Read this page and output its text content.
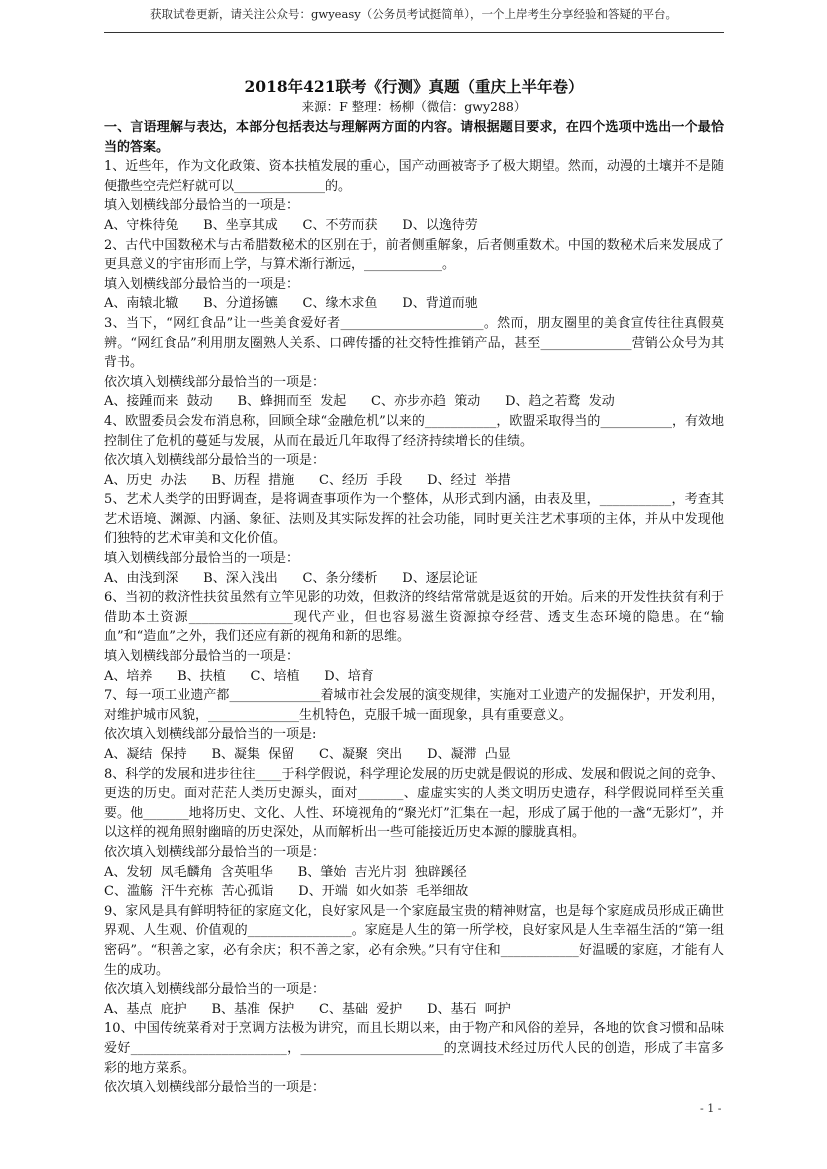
获取试卷更新，请关注公众号：gwyeasy（公务员考试挺简单），一个上岸考生分享经验和答疑的平台。

2018年421联考《行测》真题（重庆上半年卷）

来源：F 整理：杨柳（微信：gwy288）

一、言语理解与表达，本部分包括表达与理解两方面的内容。请根据题目要求，在四个选项中选出一个最恰当的答案。

1、近些年，作为文化政策、资本扶植发展的重心，国产动画被寄予了极大期望。然而，动漫的土壤并不是随便撒些空壳烂籽就可以______________的。

填入划横线部分最恰当的一项是：

A、守株待兔      B、坐享其成      C、不劳而获      D、以逸待劳

2、古代中国数秘术与古希腊数秘术的区别在于，前者侧重解象，后者侧重数术。中国的数秘术后来发展成了更具意义的宇宙形而上学，与算术渐行渐远，____________。

填入划横线部分最恰当的一项是：

A、南辕北辙      B、分道扬镳      C、缘木求鱼      D、背道而驰

3、当下，“网红食品”让一些美食爱好者______________________。然而，朋友圈里的美食宣传往往真假莫辨。“网红食品”利用朋友圈熟人关系、口碑传播的社交特性推销产品，甚至______________营销公众号为其背书。

依次填入划横线部分最恰当的一项是：

A、接踵而来  鼓动      B、蜂拥而至  发起      C、亦步亦趋  策动      D、趋之若鹜  发动

4、欧盟委员会发布消息称，回顾全球“金融危机”以来的___________，欧盟采取得当的___________，有效地控制住了危机的蔓延与发展，从而在最近几年取得了经济持续增长的佳绩。

依次填入划横线部分最恰当的一项是：

A、历史  办法      B、历程  措施      C、经历  手段      D、经过  举措

5、艺术人类学的田野调查，是将调查事项作为一个整体，从形式到内涵，由表及里，___________，考查其艺术语境、渊源、内涵、象征、法则及其实际发挥的社会功能，同时更关注艺术事项的主体，并从中发现他们独特的艺术审美和文化价值。

填入划横线部分最恰当的一项是：

A、由浅到深      B、深入浅出      C、条分缕析      D、逐层论证

6、当初的救济性扶贫虽然有立竿见影的功效，但救济的终结常常就是返贫的开始。后来的开发性扶贫有利于借助本土资源________________现代产业，但也容易滋生资源掠夺经营、透支生态环境的隐患。在“输血”和“造血”之外，我们还应有新的视角和新的思维。

填入划横线部分最恰当的一项是：

A、培养      B、扶植      C、培植      D、培育

7、每一项工业遗产都______________着城市社会发展的演变规律，实施对工业遗产的发掘保护，开发利用，对维护城市风貌，______________生机特色，克服千城一面现象，具有重要意义。

依次填入划横线部分最恰当的一项是:

A、凝结  保持      B、凝集  保留      C、凝聚  突出      D、凝滞  凸显

8、科学的发展和进步往往____于科学假说，科学理论发展的历史就是假说的形成、发展和假说之间的竞争、更迭的历史。面对茫茫人类历史源头，面对_______、虚虚实实的人类文明历史遗存，科学假说同样至关重要。他_______地将历史、文化、人性、环境视角的“聚光灯”汇集在一起，形成了属于他的一盏“无影灯”，并以这样的视角照射幽暗的历史深处，从而解析出一些可能接近历史本源的朦胧真相。

依次填入划横线部分最恰当的一项是：

A、发轫  凤毛麟角  含英咀华      B、肇始  吉光片羽  独辟蹊径

C、滥觞  汗牛充栋  苦心孤诣      D、开端  如火如荼  毛举细故

9、家风是具有鲜明特征的家庭文化，良好家风是一个家庭最宝贵的精神财富，也是每个家庭成员形成正确世界观、人生观、价值观的________________。家庭是人生的第一所学校，良好家风是人生幸福生活的“第一组密码”。“积善之家，必有余庆；积不善之家，必有余殃。”只有守住和____________好温暖的家庭，才能有人生的成功。

依次填入划横线部分最恰当的一项是：

A、基点  庇护      B、基准  保护      C、基础  爱护      D、基石  呵护

10、中国传统菜肴对于烹调方法极为讲究，而且长期以来，由于物产和风俗的差异，各地的饮食习惯和品味爱好________________________，______________________的烹调技术经过历代人民的创造，形成了丰富多彩的地方菜系。

依次填入划横线部分最恰当的一项是：

- 1 -
